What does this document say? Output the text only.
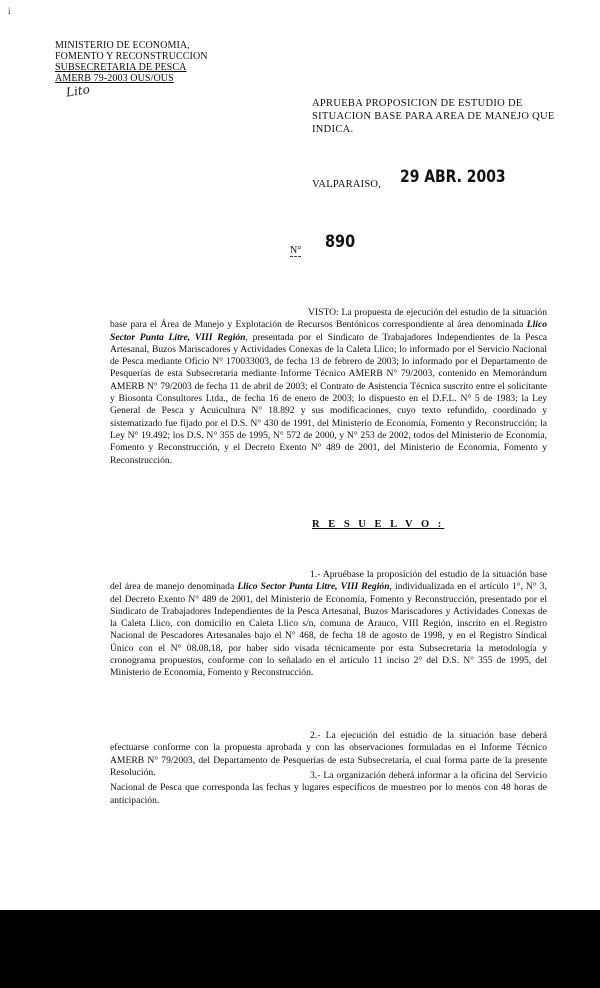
i
MINISTERIO DE ECONOMIA,
FOMENTO Y RECONSTRUCCION
SUBSECRETARIA DE PESCA
AMERB 79-2003 OUS/OUS
Lito
APRUEBA PROPOSICION DE ESTUDIO DE SITUACION BASE PARA AREA DE MANEJO QUE INDICA.
VALPARAISO, 29 ABR. 2003
N° 890
VISTO: La propuesta de ejecución del estudio de la situación base para el Área de Manejo y Explotación de Recursos Bentónicos correspondiente al área denominada Llico Sector Punta Litre, VIII Región, presentada por el Sindicato de Trabajadores Independientes de la Pesca Artesanal, Buzos Mariscadores y Actividades Conexas de la Caleta Llico; lo informado por el Servicio Nacional de Pesca mediante Oficio N° 170033003, de fecha 13 de febrero de 2003; lo informado por el Departamento de Pesquerías de esta Subsecretaría mediante Informe Técnico AMERB N° 79/2003, contenido en Memorándum AMERB N° 79/2003 de fecha 11 de abril de 2003; el Contrato de Asistencia Técnica suscrito entre el solicitante y Biosonta Consultores Ltda., de fecha 16 de enero de 2003; lo dispuesto en el D.F.L. N° 5 de 1983; la Ley General de Pesca y Acuicultura N° 18.892 y sus modificaciones, cuyo texto refundido, coordinado y sistematizado fue fijado por el D.S. N° 430 de 1991, del Ministerio de Economía, Fomento y Reconstrucción; la Ley N° 19.492; los D.S. N° 355 de 1995, N° 572 de 2000, y N° 253 de 2002, todos del Ministerio de Economía, Fomento y Reconstrucción, y el Decreto Exento N° 489 de 2001, del Ministerio de Economía, Fomento y Reconstrucción.
R E S U E L V O :
1.- Apruébase la proposición del estudio de la situación base del área de manejo denominada Llico Sector Punta Litre, VIII Región, individualizada en el artículo 1°, N° 3, del Decreto Exento N° 489 de 2001, del Ministerio de Economía, Fomento y Reconstrucción, presentado por el Sindicato de Trabajadores Independientes de la Pesca Artesanal, Buzos Mariscadores y Actividades Conexas de la Caleta Llico, con domicilio en Caleta Llico s/n, comuna de Arauco, VIII Región, inscrito en el Registro Nacional de Pescadores Artesanales bajo el N° 468, de fecha 18 de agosto de 1998, y en el Registro Sindical Único con el N° 08.08.18, por haber sido visada técnicamente por esta Subsecretaría la metodología y cronograma propuestos, conforme con lo señalado en el artículo 11 inciso 2° del D.S. N° 355 de 1995, del Ministerio de Economía, Fomento y Reconstrucción.
2.- La ejecución del estudio de la situación base deberá efectuarse conforme con la propuesta aprobada y con las observaciones formuladas en el Informe Técnico AMERB N° 79/2003, del Departamento de Pesquerías de esta Subsecretaría, el cual forma parte de la presente Resolución.	3.- La organización deberá informar a la oficina del Servicio Nacional de Pesca que corresponda las fechas y lugares específicos de muestreo por lo menos con 48 horas de anticipación.
